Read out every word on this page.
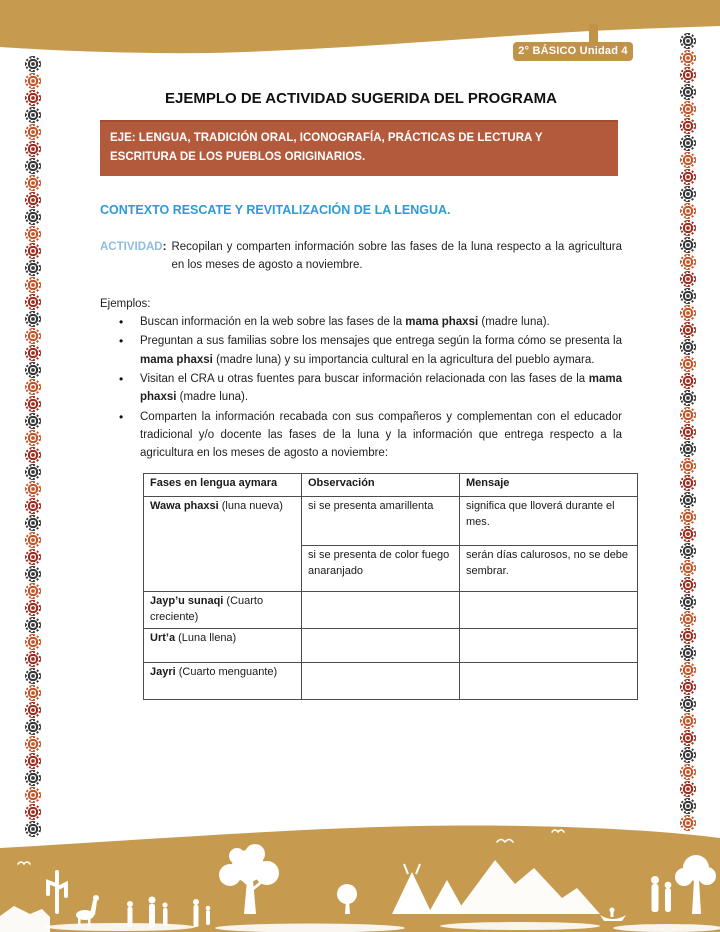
2° BÁSICO Unidad 4
EJEMPLO DE ACTIVIDAD SUGERIDA DEL PROGRAMA
EJE: LENGUA, TRADICIÓN ORAL, ICONOGRAFÍA, PRÁCTICAS DE LECTURA Y ESCRITURA DE LOS PUEBLOS ORIGINARIOS.
CONTEXTO RESCATE Y REVITALIZACIÓN DE LA LENGUA.
ACTIVIDAD : Recopilan y comparten información sobre las fases de la luna respecto a la agricultura en los meses de agosto a noviembre.

Ejemplos:
• Buscan información en la web sobre las fases de la mama phaxsi (madre luna).
• Preguntan a sus familias sobre los mensajes que entrega según la forma cómo se presenta la mama phaxsi (madre luna) y su importancia cultural en la agricultura del pueblo aymara.
• Visitan el CRA u otras fuentes para buscar información relacionada con las fases de la mama phaxsi (madre luna).
• Comparten la información recabada con sus compañeros y complementan con el educador tradicional y/o docente las fases de la luna y la información que entrega respecto a la agricultura en los meses de agosto a noviembre:
Fases en lengua aymara	Observación	Mensaje
Wawa phaxsi (luna nueva)	si se presenta amarillenta	significa que lloverá durante el mes.
	si se presenta de color fuego anaranjado	serán días calurosos, no se debe sembrar.
Jayp’u sunaqi (Cuarto creciente)		
Urt’a (Luna llena)		
Jayri (Cuarto menguante)		
